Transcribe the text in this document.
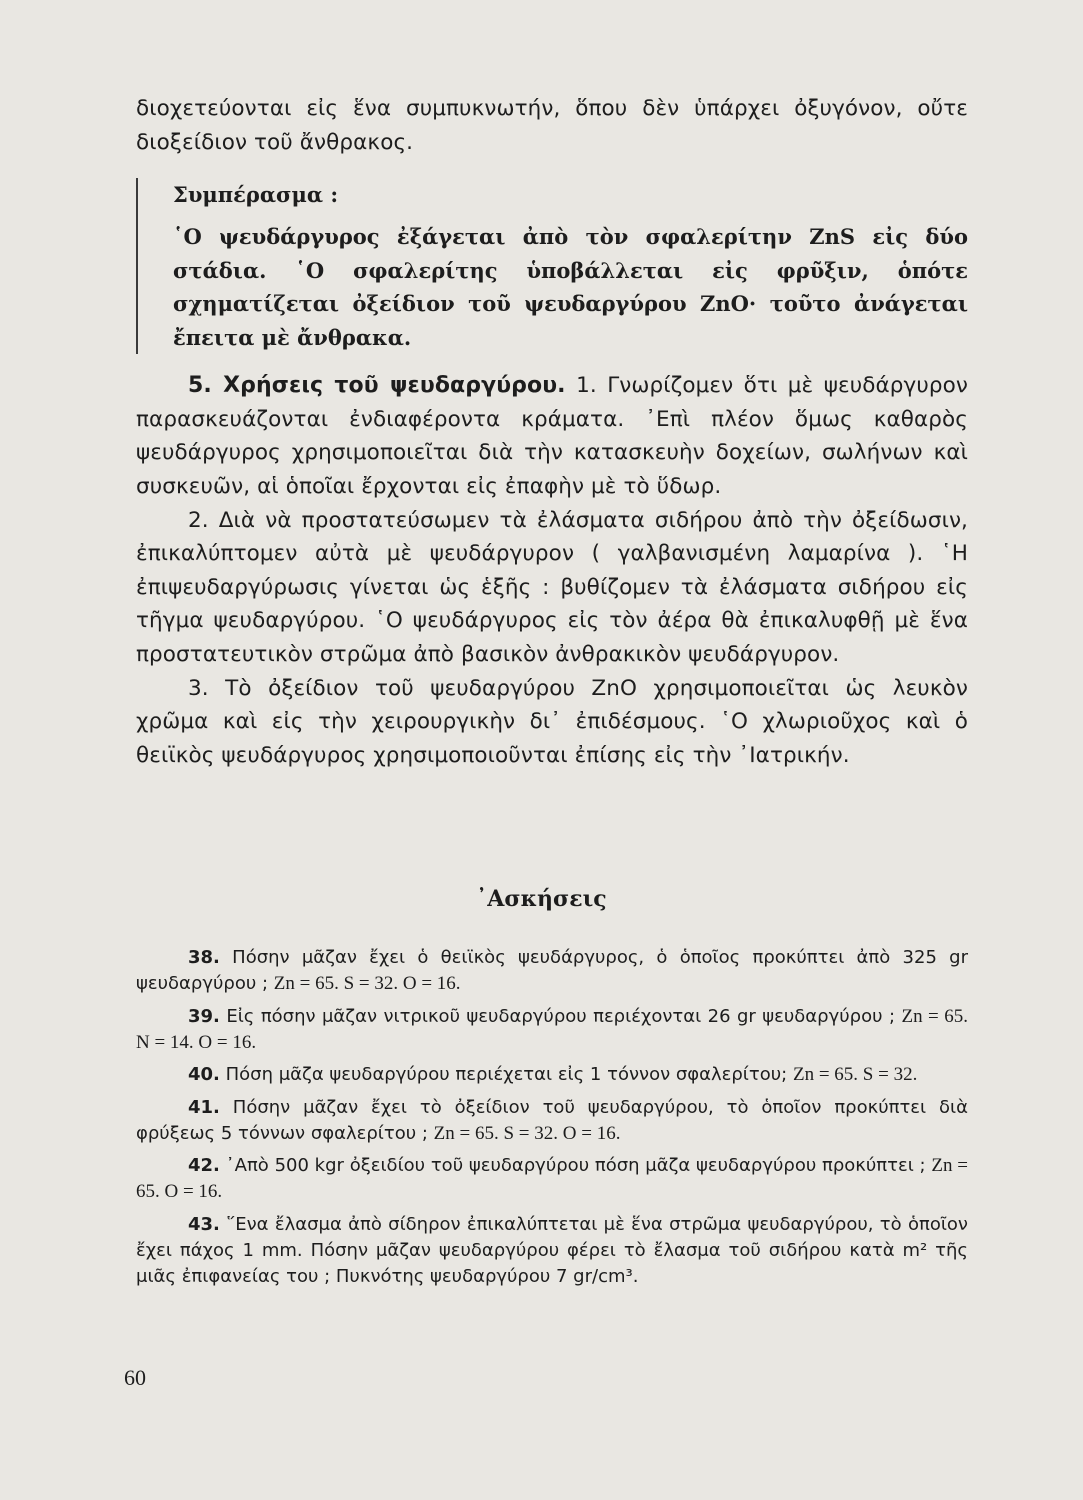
διοχετεύονται εἰς ἕνα συμπυκνωτήν, ὅπου δὲν ὑπάρχει ὀξυγόνον, οὔτε διοξείδιον τοῦ ἄνθρακος.

Συμπέρασμα :

῾Ο ψευδάργυρος ἐξάγεται ἀπὸ τὸν σφαλερίτην ZnS εἰς δύο στάδια. ῾Ο σφαλερίτης ὑποβάλλεται εἰς φρῦξιν, ὁπότε σχηματίζεται ὀξείδιον τοῦ ψευδαργύρου ZnO· τοῦτο ἀνάγεται ἔπειτα μὲ ἄνθρακα.

5. Χρήσεις τοῦ ψευδαργύρου. 1. Γνωρίζομεν ὅτι μὲ ψευδάργυρον παρασκευάζονται ἐνδιαφέροντα κράματα. ᾿Επὶ πλέον ὅμως καθαρὸς ψευδάργυρος χρησιμοποιεῖται διὰ τὴν κατασκευὴν δοχείων, σωλήνων καὶ συσκευῶν, αἱ ὁποῖαι ἔρχονται εἰς ἐπαφὴν μὲ τὸ ὕδωρ.

2. Διὰ νὰ προστατεύσωμεν τὰ ἐλάσματα σιδήρου ἀπὸ τὴν ὀξείδωσιν, ἐπικαλύπτομεν αὐτὰ μὲ ψευδάργυρον ( γαλβανισμένη λαμαρίνα ). ῾Η ἐπιψευδαργύρωσις γίνεται ὡς ἑξῆς : βυθίζομεν τὰ ἐλάσματα σιδήρου εἰς τῆγμα ψευδαργύρου. ῾Ο ψευδάργυρος εἰς τὸν ἀέρα θὰ ἐπικαλυφθῇ μὲ ἕνα προστατευτικὸν στρῶμα ἀπὸ βασικὸν ἀνθρακικὸν ψευδάργυρον.

3. Τὸ ὀξείδιον τοῦ ψευδαργύρου ZnO χρησιμοποιεῖται ὡς λευκὸν χρῶμα καὶ εἰς τὴν χειρουργικὴν δι᾿ ἐπιδέσμους. ῾Ο χλωριοῦχος καὶ ὁ θειϊκὸς ψευδάργυρος χρησιμοποιοῦνται ἐπίσης εἰς τὴν ᾿Ιατρικήν.

᾿Ασκήσεις

38. Πόσην μᾶζαν ἔχει ὁ θειϊκὸς ψευδάργυρος, ὁ ὁποῖος προκύπτει ἀπὸ 325 gr ψευδαργύρου ; Zn = 65. S = 32. O = 16.

39. Εἰς πόσην μᾶζαν νιτρικοῦ ψευδαργύρου περιέχονται 26 gr ψευδαργύρου ; Zn = 65. N = 14. O = 16.

40. Πόση μᾶζα ψευδαργύρου περιέχεται εἰς 1 τόννον σφαλερίτου; Zn = 65. S = 32.

41. Πόσην μᾶζαν ἔχει τὸ ὀξείδιον τοῦ ψευδαργύρου, τὸ ὁποῖον προκύπτει διὰ φρύξεως 5 τόννων σφαλερίτου ; Zn = 65. S = 32. O = 16.

42. ᾿Απὸ 500 kgr ὀξειδίου τοῦ ψευδαργύρου πόση μᾶζα ψευδαργύρου προκύπτει ; Zn = 65. O = 16.

43. ῞Ενα ἔλασμα ἀπὸ σίδηρον ἐπικαλύπτεται μὲ ἕνα στρῶμα ψευδαργύρου, τὸ ὁποῖον ἔχει πάχος 1 mm. Πόσην μᾶζαν ψευδαργύρου φέρει τὸ ἔλασμα τοῦ σιδήρου κατὰ m² τῆς μιᾶς ἐπιφανείας του ; Πυκνότης ψευδαργύρου 7 gr/cm³.

60
